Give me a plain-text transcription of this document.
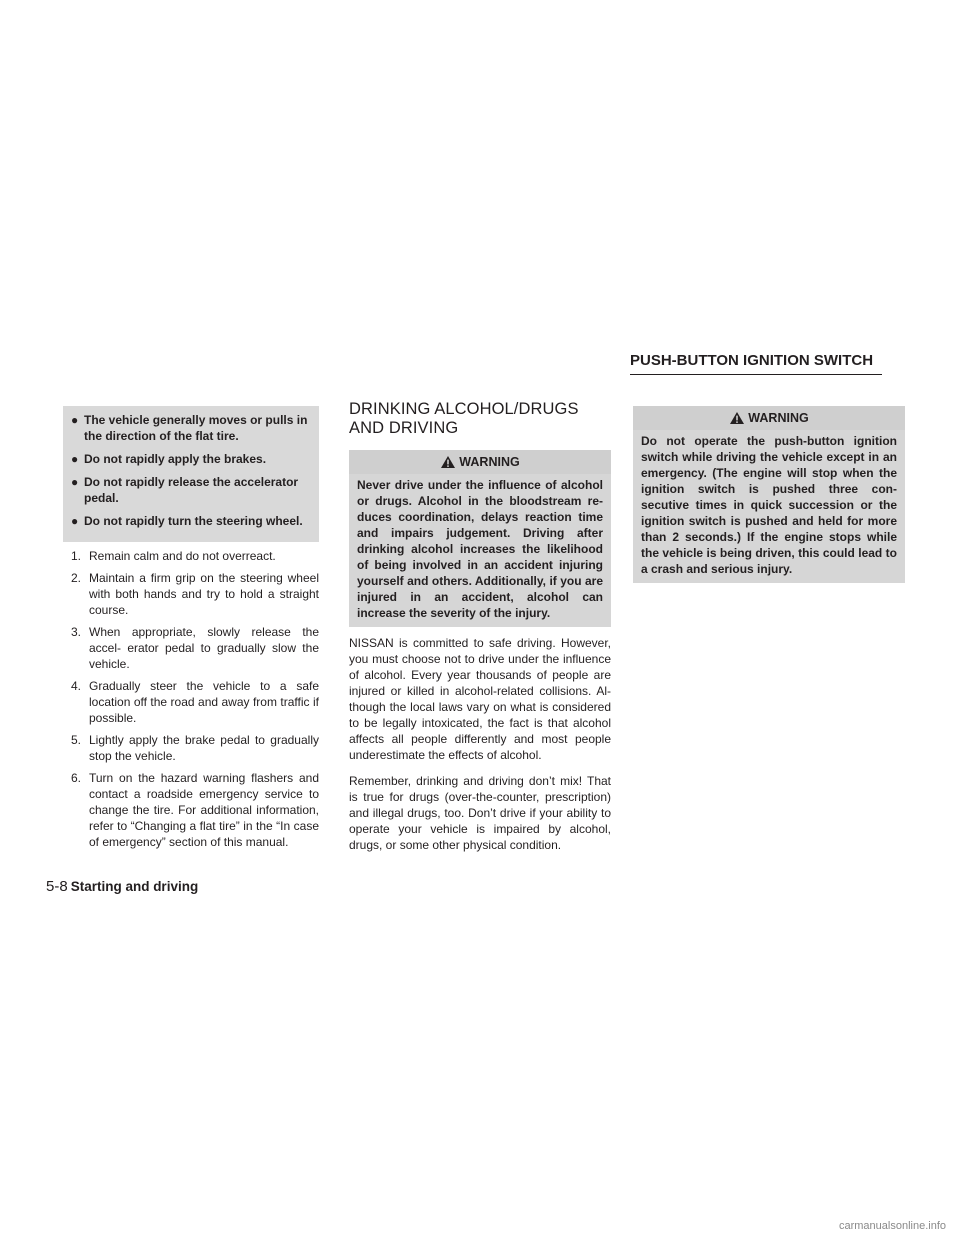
PUSH-BUTTON IGNITION SWITCH
● The vehicle generally moves or pulls in the direction of the flat tire.
● Do not rapidly apply the brakes.
● Do not rapidly release the accelerator pedal.
● Do not rapidly turn the steering wheel.
1. Remain calm and do not overreact.
2. Maintain a firm grip on the steering wheel with both hands and try to hold a straight course.
3. When appropriate, slowly release the accel- erator pedal to gradually slow the vehicle.
4. Gradually steer the vehicle to a safe location off the road and away from traffic if possible.
5. Lightly apply the brake pedal to gradually stop the vehicle.
6. Turn on the hazard warning flashers and contact a roadside emergency service to change the tire. For additional information, refer to “Changing a flat tire” in the “In case of emergency” section of this manual.
DRINKING ALCOHOL/DRUGS AND DRIVING
WARNING
Never drive under the influence of alcohol or drugs. Alcohol in the bloodstream re- duces coordination, delays reaction time and impairs judgement. Driving after drinking alcohol increases the likelihood of being involved in an accident injuring yourself and others. Additionally, if you are injured in an accident, alcohol can increase the severity of the injury.

NISSAN is committed to safe driving. However, you must choose not to drive under the influence of alcohol. Every year thousands of people are injured or killed in alcohol-related collisions. Al- though the local laws vary on what is considered to be legally intoxicated, the fact is that alcohol affects all people differently and most people underestimate the effects of alcohol.

Remember, drinking and driving don’t mix! That is true for drugs (over-the-counter, prescription) and illegal drugs, too. Don’t drive if your ability to operate your vehicle is impaired by alcohol, drugs, or some other physical condition.

WARNING
Do not operate the push-button ignition switch while driving the vehicle except in an emergency. (The engine will stop when the ignition switch is pushed three con- secutive times in quick succession or the ignition switch is pushed and held for more than 2 seconds.) If the engine stops while the vehicle is being driven, this could lead to a crash and serious injury.
5-8 Starting and driving
carmanualsonline.info
